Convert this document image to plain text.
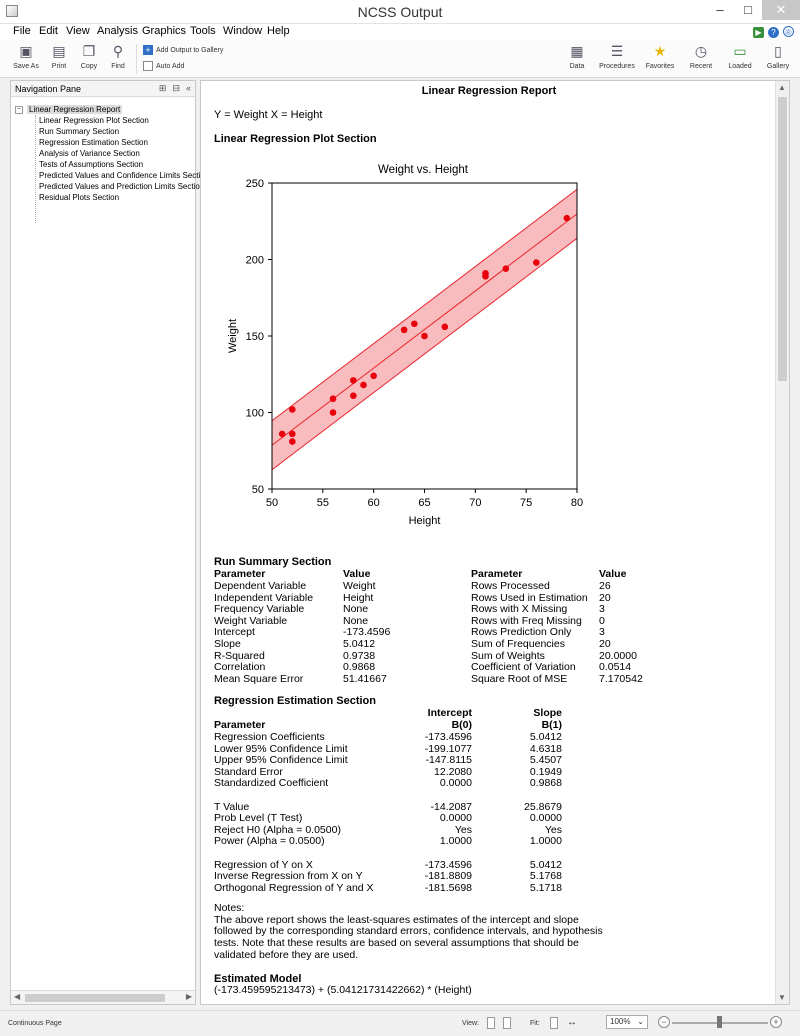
NCSS Output	–	□	✕
File Edit View Analysis Graphics Tools Window Help	▶ ? ®
▣
Save As
▤
Print
❐
Copy
⚲
Find
+ Add Output to Gallery
Auto Add
▦
Data
☰
Procedures
★
Favorites
◷
Recent
▭
Loaded
▯
Gallery
Navigation Pane	⊞ ⊟ «
− Linear Regression Report
Linear Regression Plot Section
Run Summary Section
Regression Estimation Section
Analysis of Variance Section
Tests of Assumptions Section
Predicted Values and Confidence Limits Secti
Predicted Values and Prediction Limits Sectio
Residual Plots Section
◀	▶
Linear Regression Report
Y = Weight X = Height
Linear Regression Plot Section
Weight vs. Height
50	55	60	65	70	75	80
50
100
150
200
250
Height
Weight
Run Summary Section
Parameter	Value	Parameter	Value
Dependent Variable	Weight	Rows Processed	26
Independent Variable	Height	Rows Used in Estimation 20
Frequency Variable	None	Rows with X Missing	3
Weight Variable	None	Rows with Freq Missing 0
Intercept	-173.4596	Rows Prediction Only	3
Slope	5.0412	Sum of Frequencies	20
R-Squared	0.9738	Sum of Weights	20.0000
Correlation	0.9868	Coefficient of Variation 0.0514
Mean Square Error	51.41667	Square Root of MSE	7.170542
Regression Estimation Section
Intercept	Slope
Parameter	B(0)	B(1)
Regression Coefficients	-173.4596	5.0412
Lower 95% Confidence Limit	-199.1077	4.6318
Upper 95% Confidence Limit	-147.8115	5.4507
Standard Error	12.2080	0.1949
Standardized Coefficient	0.0000	0.9868
T Value	-14.2087	25.8679
Prob Level (T Test)	0.0000	0.0000
Reject H0 (Alpha = 0.0500)	Yes	Yes
Power (Alpha = 0.0500)	1.0000	1.0000
Regression of Y on X	-173.4596	5.0412
Inverse Regression from X on Y	-181.8809	5.1768
Orthogonal Regression of Y and X	-181.5698	5.1718
Notes:
The above report shows the least-squares estimates of the intercept and slope followed by the corresponding standard errors, confidence intervals, and hypothesis tests. Note that these results are based on several assumptions that should be validated before they are used.
Estimated Model
(-173.459595213473) + (5.04121731422662) * (Height)
▲
▼
Continuous Page	View:	Fit:	↔	100% ⌄	−	+
